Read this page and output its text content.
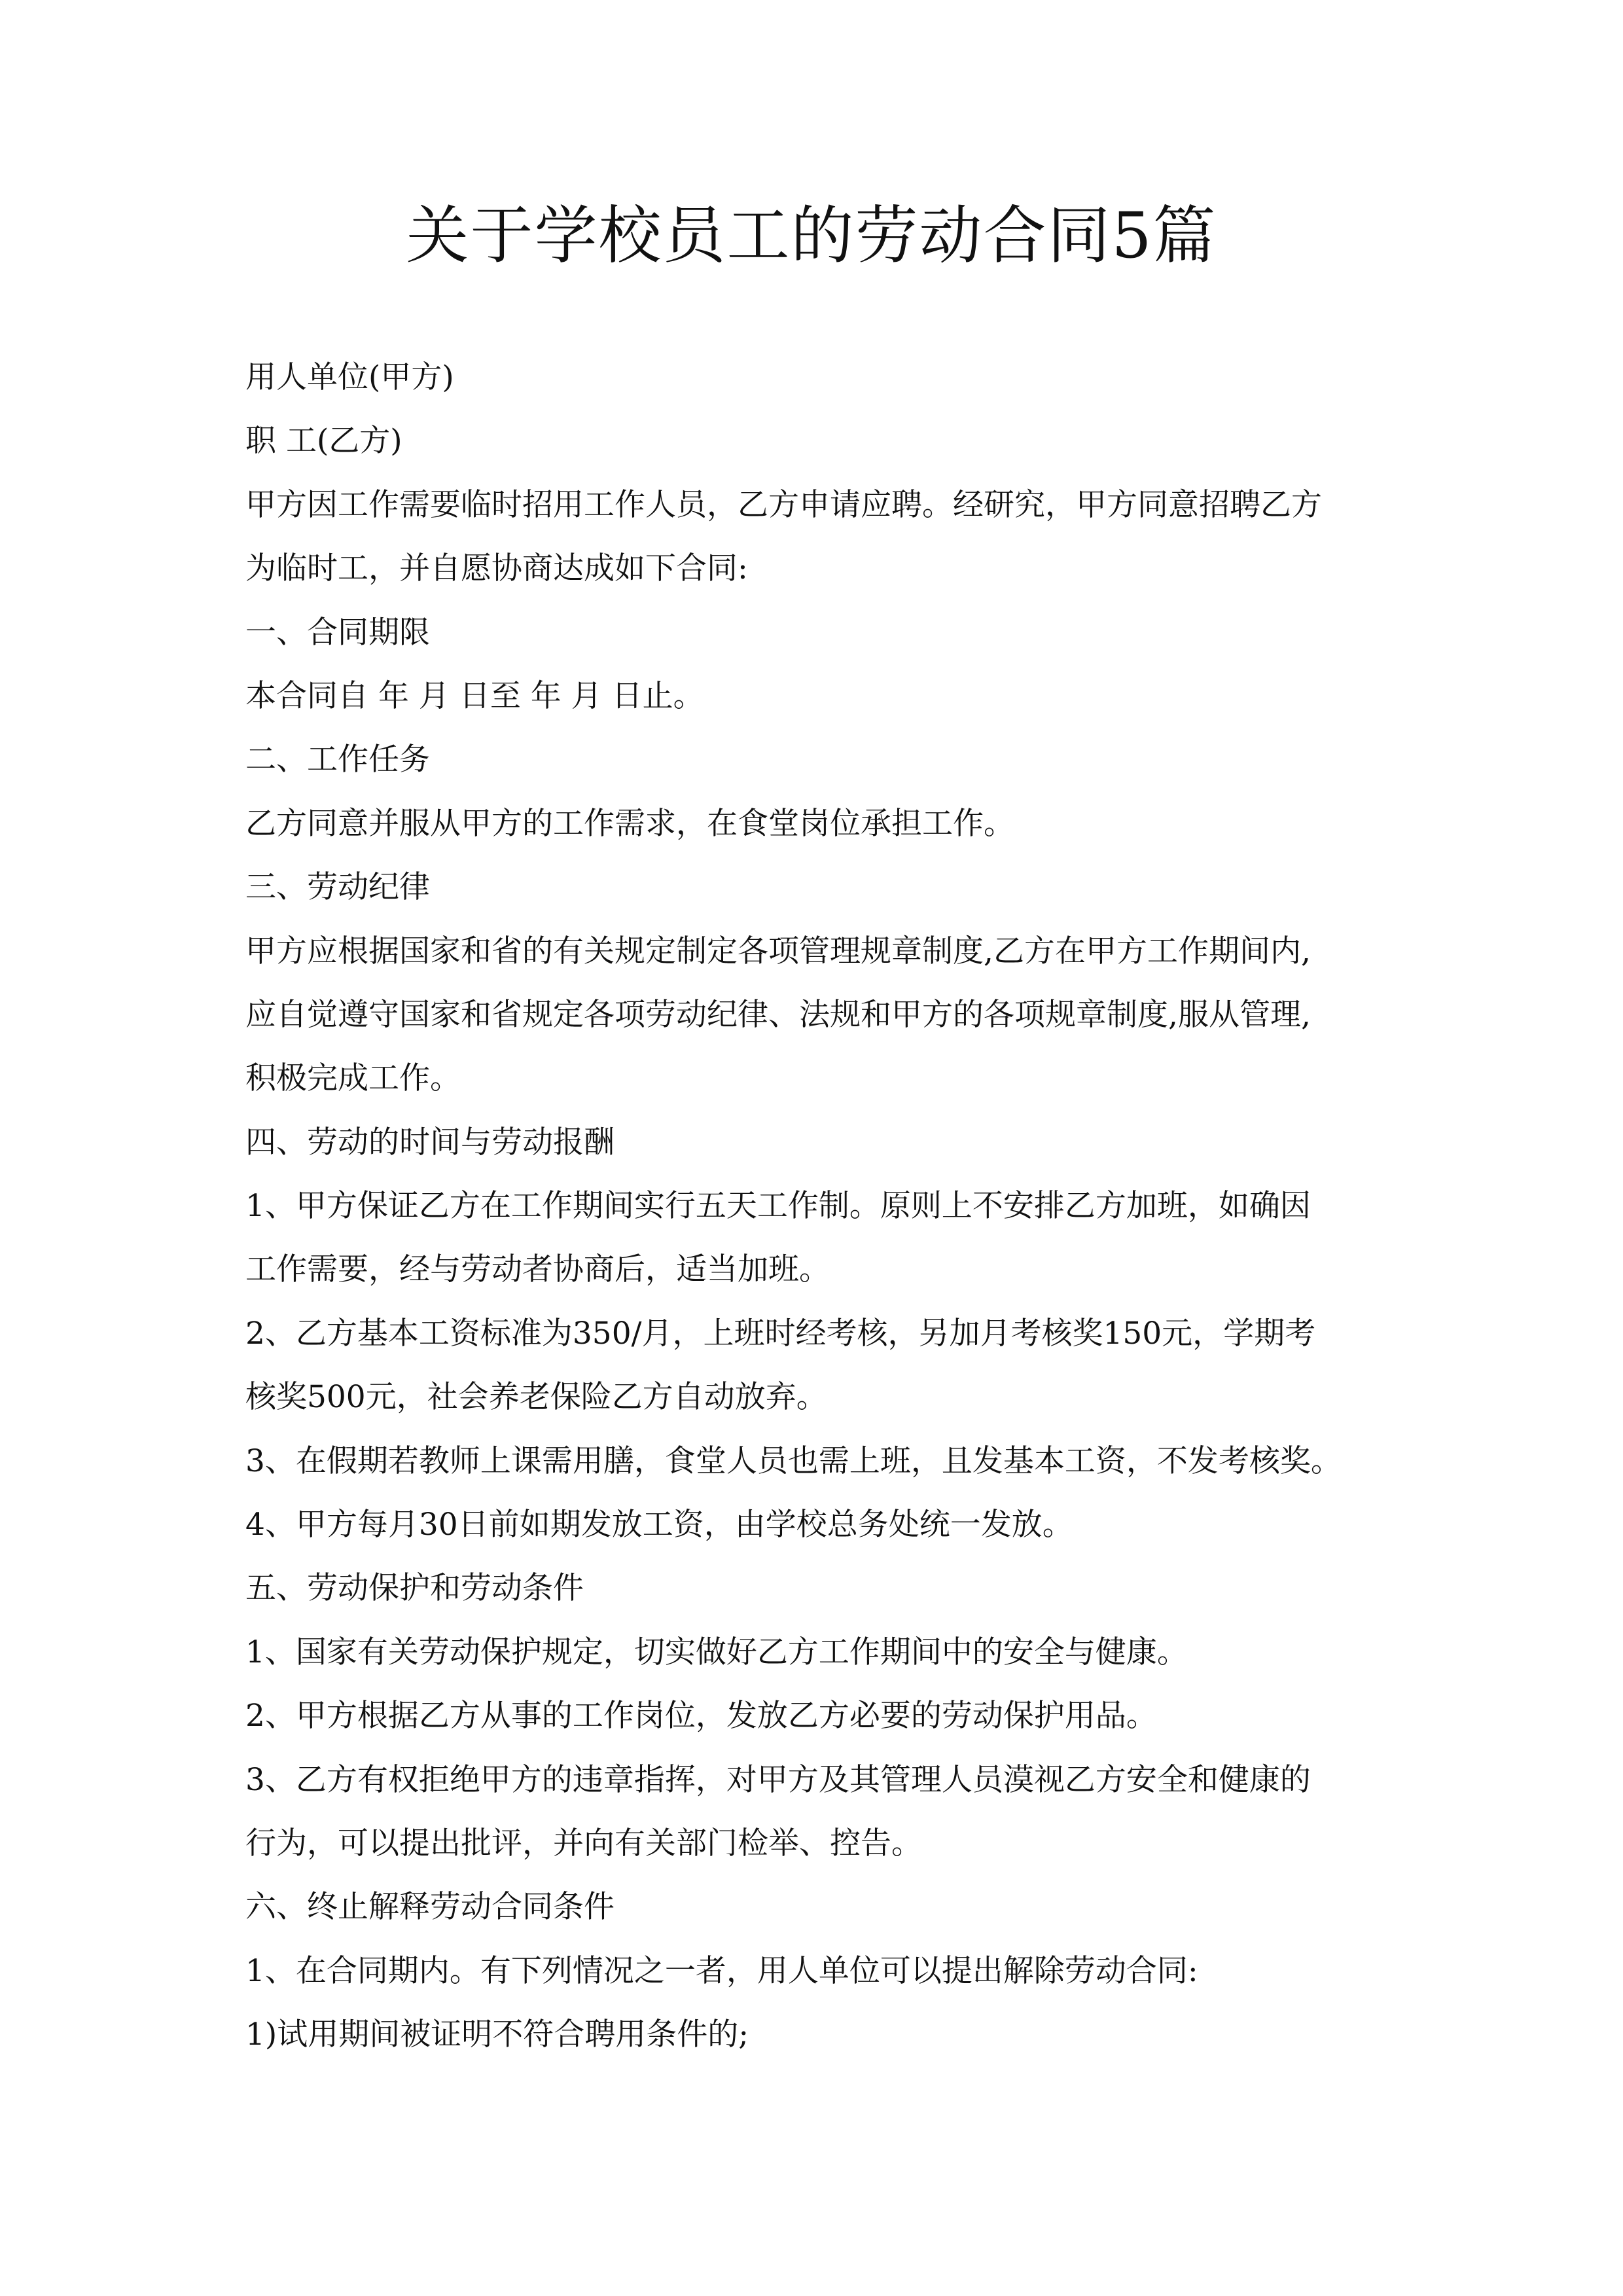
关于学校员工的劳动合同5篇
用人单位(甲方)
职 工(乙方)
甲方因工作需要临时招用工作人员，乙方申请应聘。经研究，甲方同意招聘乙方
为临时工，并自愿协商达成如下合同:
一、合同期限
本合同自 年 月 日至 年 月 日止。
二、工作任务
乙方同意并服从甲方的工作需求，在食堂岗位承担工作。
三、劳动纪律
甲方应根据国家和省的有关规定制定各项管理规章制度,乙方在甲方工作期间内,
应自觉遵守国家和省规定各项劳动纪律、法规和甲方的各项规章制度,服从管理,
积极完成工作。
四、劳动的时间与劳动报酬
1、甲方保证乙方在工作期间实行五天工作制。原则上不安排乙方加班，如确因
工作需要，经与劳动者协商后，适当加班。
2、乙方基本工资标准为350/月，上班时经考核，另加月考核奖150元，学期考
核奖500元，社会养老保险乙方自动放弃。
3、在假期若教师上课需用膳，食堂人员也需上班，且发基本工资，不发考核奖。
4、甲方每月30日前如期发放工资，由学校总务处统一发放。
五、劳动保护和劳动条件
1、国家有关劳动保护规定，切实做好乙方工作期间中的安全与健康。
2、甲方根据乙方从事的工作岗位，发放乙方必要的劳动保护用品。
3、乙方有权拒绝甲方的违章指挥，对甲方及其管理人员漠视乙方安全和健康的
行为，可以提出批评，并向有关部门检举、控告。
六、终止解释劳动合同条件
1、在合同期内。有下列情况之一者，用人单位可以提出解除劳动合同:
1)试用期间被证明不符合聘用条件的;
